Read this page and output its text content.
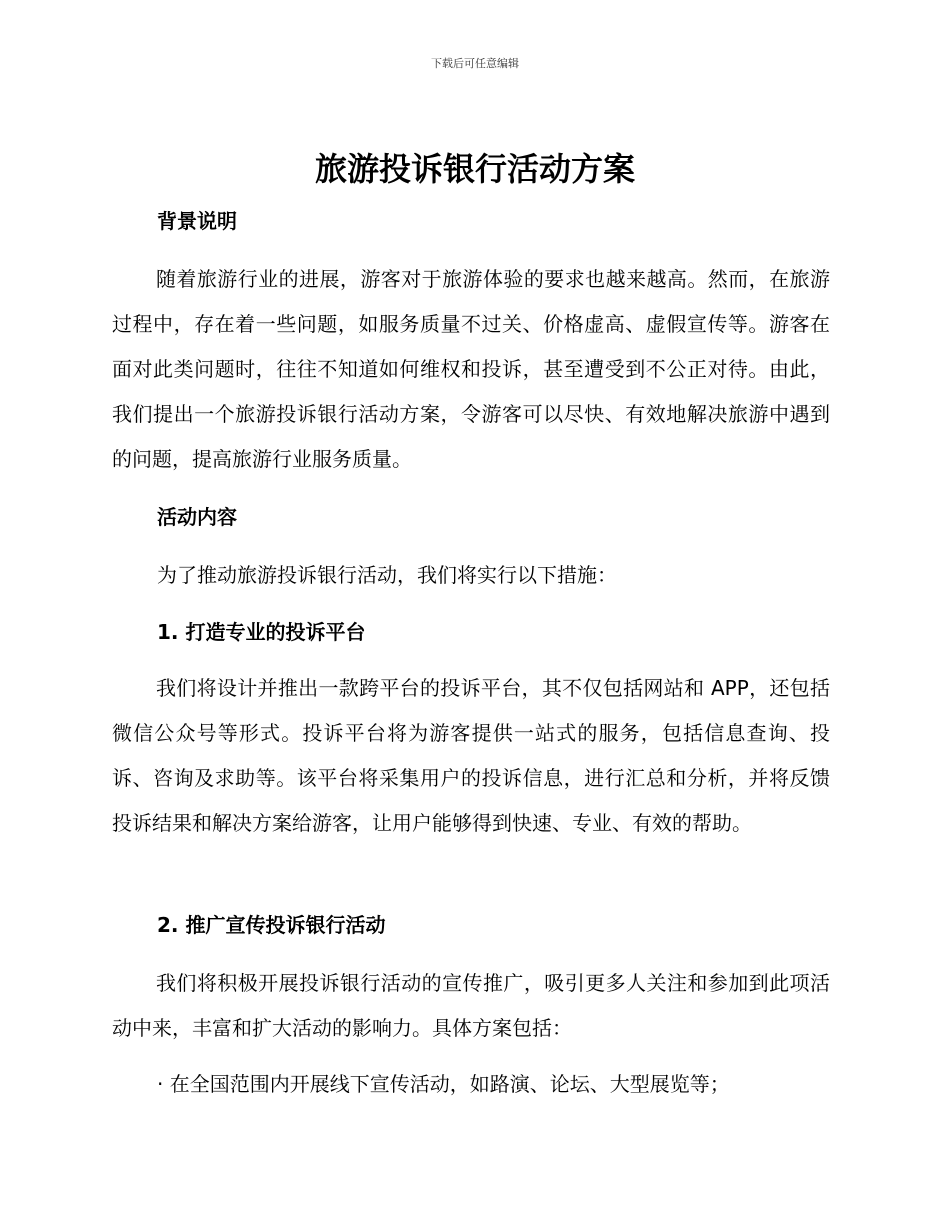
下载后可任意编辑
旅游投诉银行活动方案
背景说明

随着旅游行业的进展，游客对于旅游体验的要求也越来越高。然而，在旅游过程中，存在着一些问题，如服务质量不过关、价格虚高、虚假宣传等。游客在面对此类问题时，往往不知道如何维权和投诉，甚至遭受到不公正对待。由此，我们提出一个旅游投诉银行活动方案，令游客可以尽快、有效地解决旅游中遇到的问题，提高旅游行业服务质量。

活动内容

为了推动旅游投诉银行活动，我们将实行以下措施：

1. 打造专业的投诉平台

我们将设计并推出一款跨平台的投诉平台，其不仅包括网站和 APP，还包括微信公众号等形式。投诉平台将为游客提供一站式的服务，包括信息查询、投诉、咨询及求助等。该平台将采集用户的投诉信息，进行汇总和分析，并将反馈投诉结果和解决方案给游客，让用户能够得到快速、专业、有效的帮助。

2. 推广宣传投诉银行活动

我们将积极开展投诉银行活动的宣传推广，吸引更多人关注和参加到此项活动中来，丰富和扩大活动的影响力。具体方案包括：

· 在全国范围内开展线下宣传活动，如路演、论坛、大型展览等；
